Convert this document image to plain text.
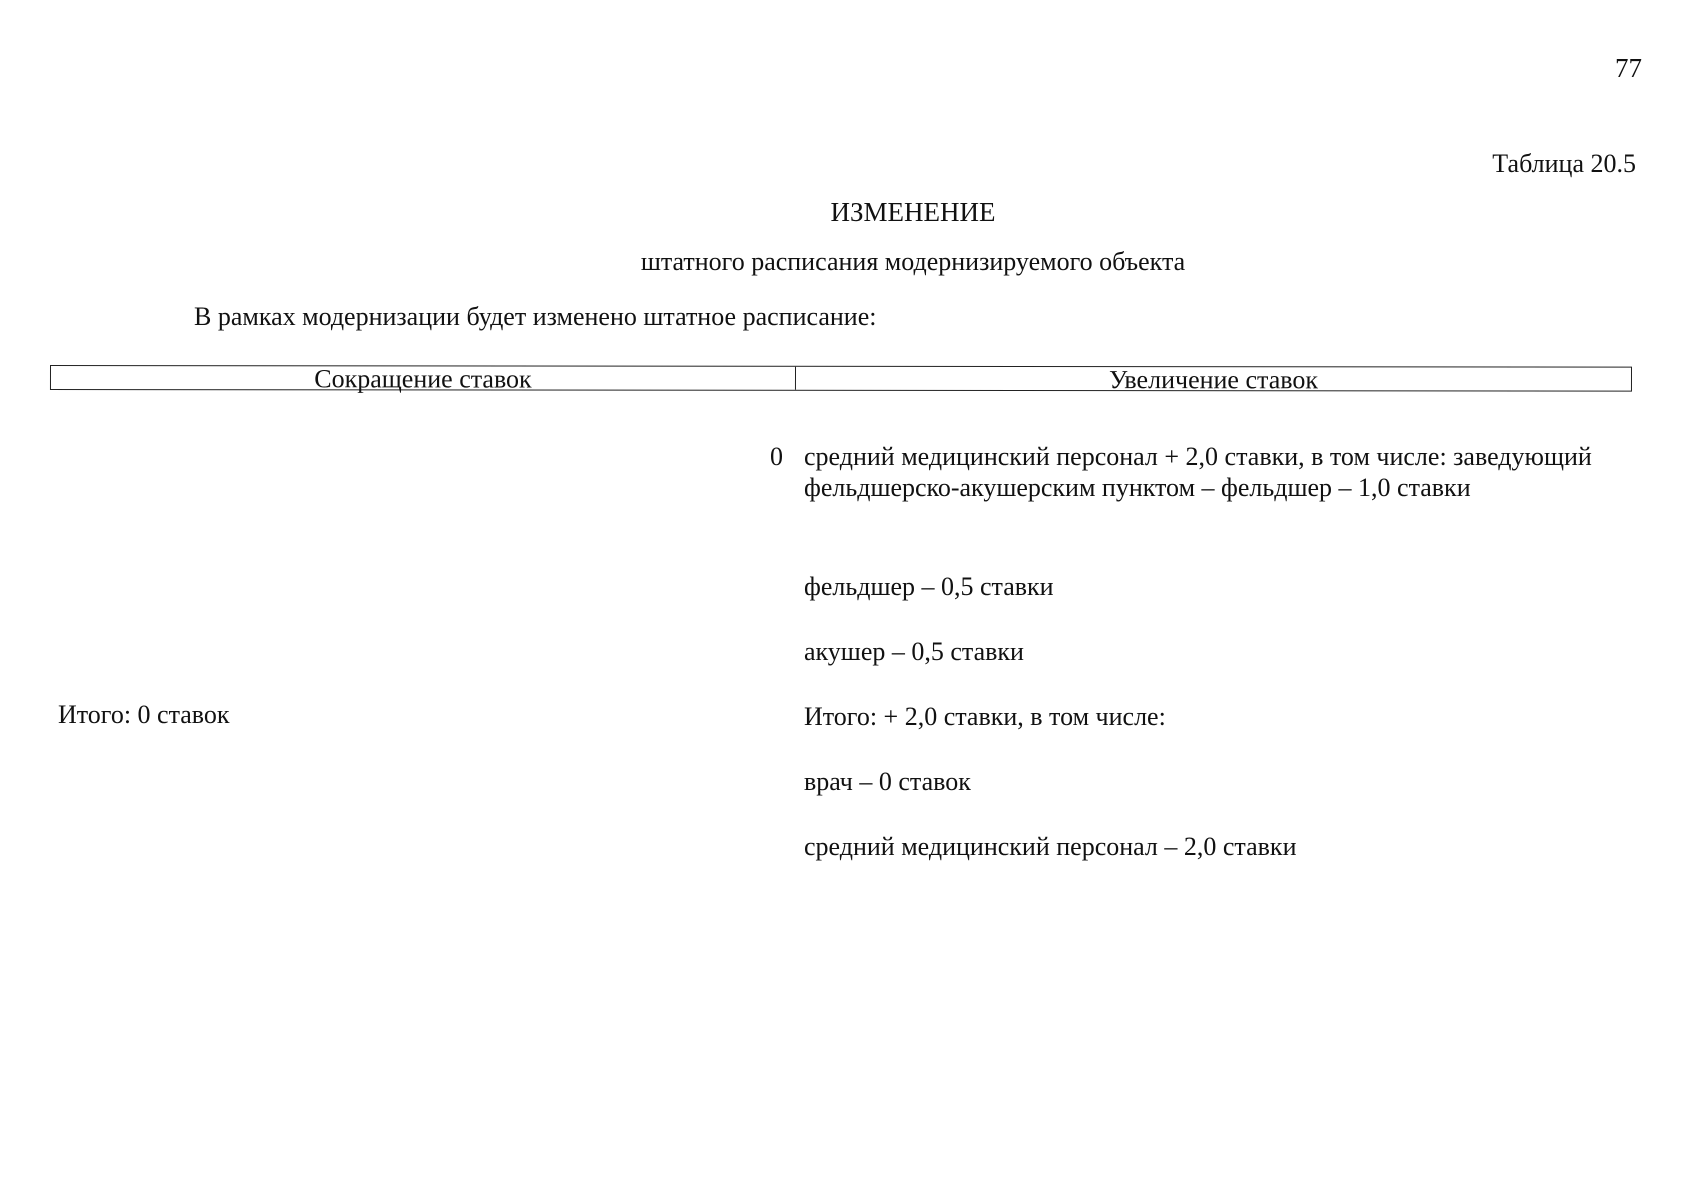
77
Таблица 20.5
ИЗМЕНЕНИЕ
штатного расписания модернизируемого объекта
В рамках модернизации будет изменено штатное расписание:
Сокращение ставок	Увеличение ставок
0 средний медицинский персонал + 2,0 ставки, в том числе: заведующий фельдшерско-акушерским пунктом – фельдшер – 1,0 ставки
фельдшер – 0,5 ставки
акушер – 0,5 ставки
Итого: + 2,0 ставки, в том числе:
врач – 0 ставок
средний медицинский персонал – 2,0 ставки
Итого: 0 ставок
